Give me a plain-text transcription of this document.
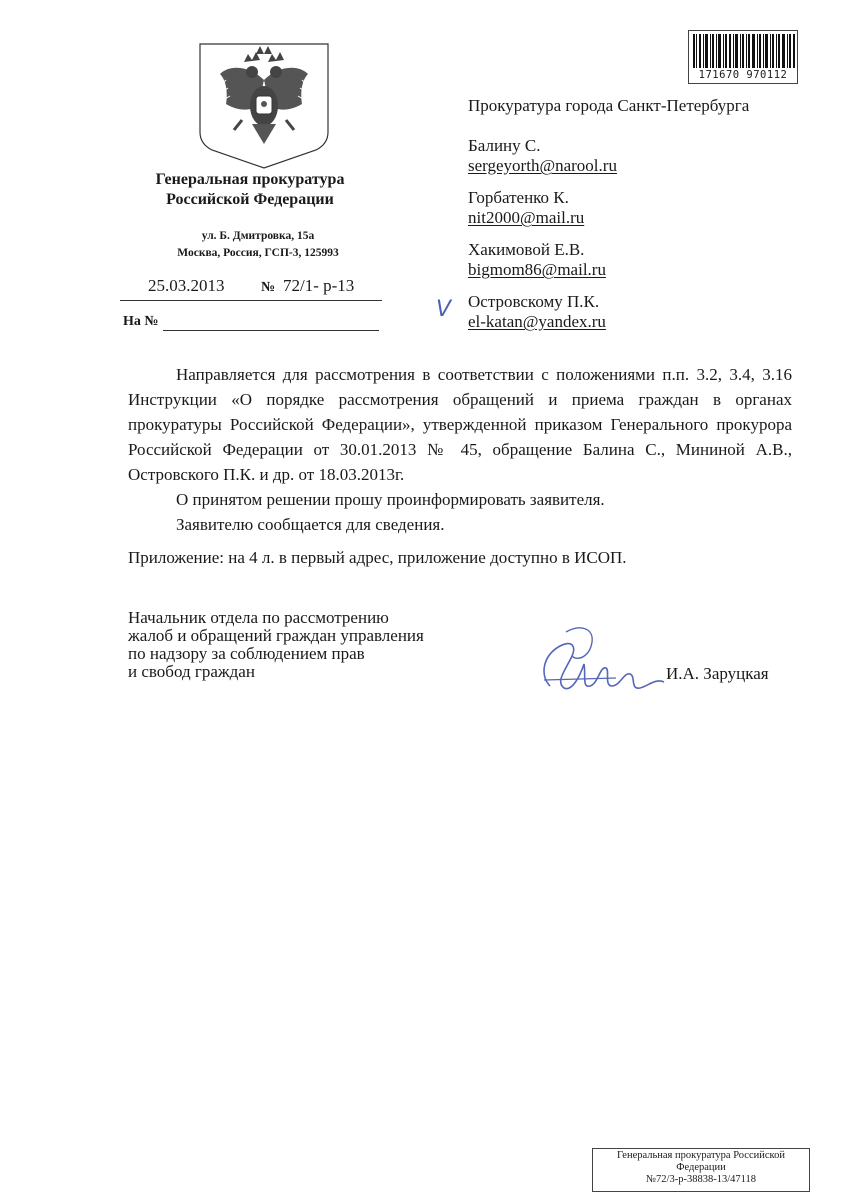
Генеральная прокуратура
Российской Федерации
ул. Б. Дмитровка, 15а
Москва, Россия, ГСП-3, 125993
25.03.2013	№ 72/1- р-13
На №	V
171670 970112
Прокуратура города Санкт-Петербурга
Балину С.
sergeyorth@narool.ru
Горбатенко К.
nit2000@mail.ru
Хакимовой Е.В.
bigmom86@mail.ru
Островскому П.К.
el-katan@yandex.ru

Направляется для рассмотрения в соответствии с положениями п.п. 3.2, 3.4, 3.16 Инструкции «О порядке рассмотрения обращений и приема граждан в органах прокуратуры Российской Федерации», утвержденной приказом Генерального прокурора Российской Федерации от 30.01.2013 № 45, обращение Балина С., Мининой А.В., Островского П.К. и др. от 18.03.2013г.

О принятом решении прошу проинформировать заявителя.

Заявителю сообщается для сведения.

Приложение: на 4 л. в первый адрес, приложение доступно в ИСОП.
Начальник отдела по рассмотрению
жалоб и обращений граждан управления
по надзору за соблюдением прав
и свобод граждан	И.А. Заруцкая
Генеральная прокуратура Российской
Федерации
№72/3-р-38838-13/47118
